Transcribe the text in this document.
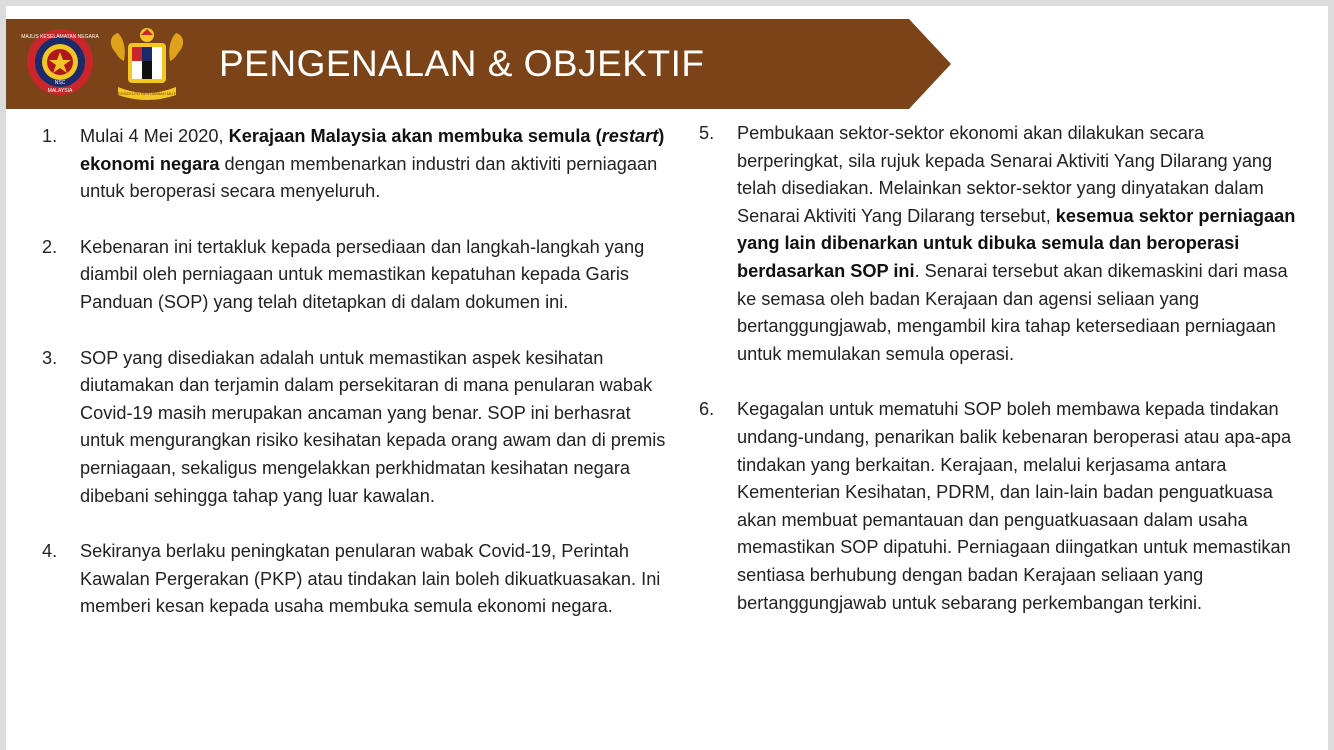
MAJLIS KESELAMATAN NEGARA
MALAYSIA
NSC
BERSEKUTU BERTAMBAH MUTU
PENGENALAN & OBJEKTIF
1. Mulai 4 Mei 2020, Kerajaan Malaysia akan membuka semula (restart) ekonomi negara dengan membenarkan industri dan aktiviti perniagaan untuk beroperasi secara menyeluruh.
2. Kebenaran ini tertakluk kepada persediaan dan langkah-langkah yang diambil oleh perniagaan untuk memastikan kepatuhan kepada Garis Panduan (SOP) yang telah ditetapkan di dalam dokumen ini.
3. SOP yang disediakan adalah untuk memastikan aspek kesihatan diutamakan dan terjamin dalam persekitaran di mana penularan wabak Covid-19 masih merupakan ancaman yang benar. SOP ini berhasrat untuk mengurangkan risiko kesihatan kepada orang awam dan di premis perniagaan, sekaligus mengelakkan perkhidmatan kesihatan negara dibebani sehingga tahap yang luar kawalan.
4. Sekiranya berlaku peningkatan penularan wabak Covid-19, Perintah Kawalan Pergerakan (PKP) atau tindakan lain boleh dikuatkuasakan. Ini memberi kesan kepada usaha membuka semula ekonomi negara.
5. Pembukaan sektor-sektor ekonomi akan dilakukan secara berperingkat, sila rujuk kepada Senarai Aktiviti Yang Dilarang yang telah disediakan. Melainkan sektor-sektor yang dinyatakan dalam Senarai Aktiviti Yang Dilarang tersebut, kesemua sektor perniagaan yang lain dibenarkan untuk dibuka semula dan beroperasi berdasarkan SOP ini. Senarai tersebut akan dikemaskini dari masa ke semasa oleh badan Kerajaan dan agensi seliaan yang bertanggungjawab, mengambil kira tahap ketersediaan perniagaan untuk memulakan semula operasi.
6. Kegagalan untuk mematuhi SOP boleh membawa kepada tindakan undang-undang, penarikan balik kebenaran beroperasi atau apa-apa tindakan yang berkaitan. Kerajaan, melalui kerjasama antara Kementerian Kesihatan, PDRM, dan lain-lain badan penguatkuasa akan membuat pemantauan dan penguatkuasaan dalam usaha memastikan SOP dipatuhi. Perniagaan diingatkan untuk memastikan sentiasa berhubung dengan badan Kerajaan seliaan yang bertanggungjawab untuk sebarang perkembangan terkini.
